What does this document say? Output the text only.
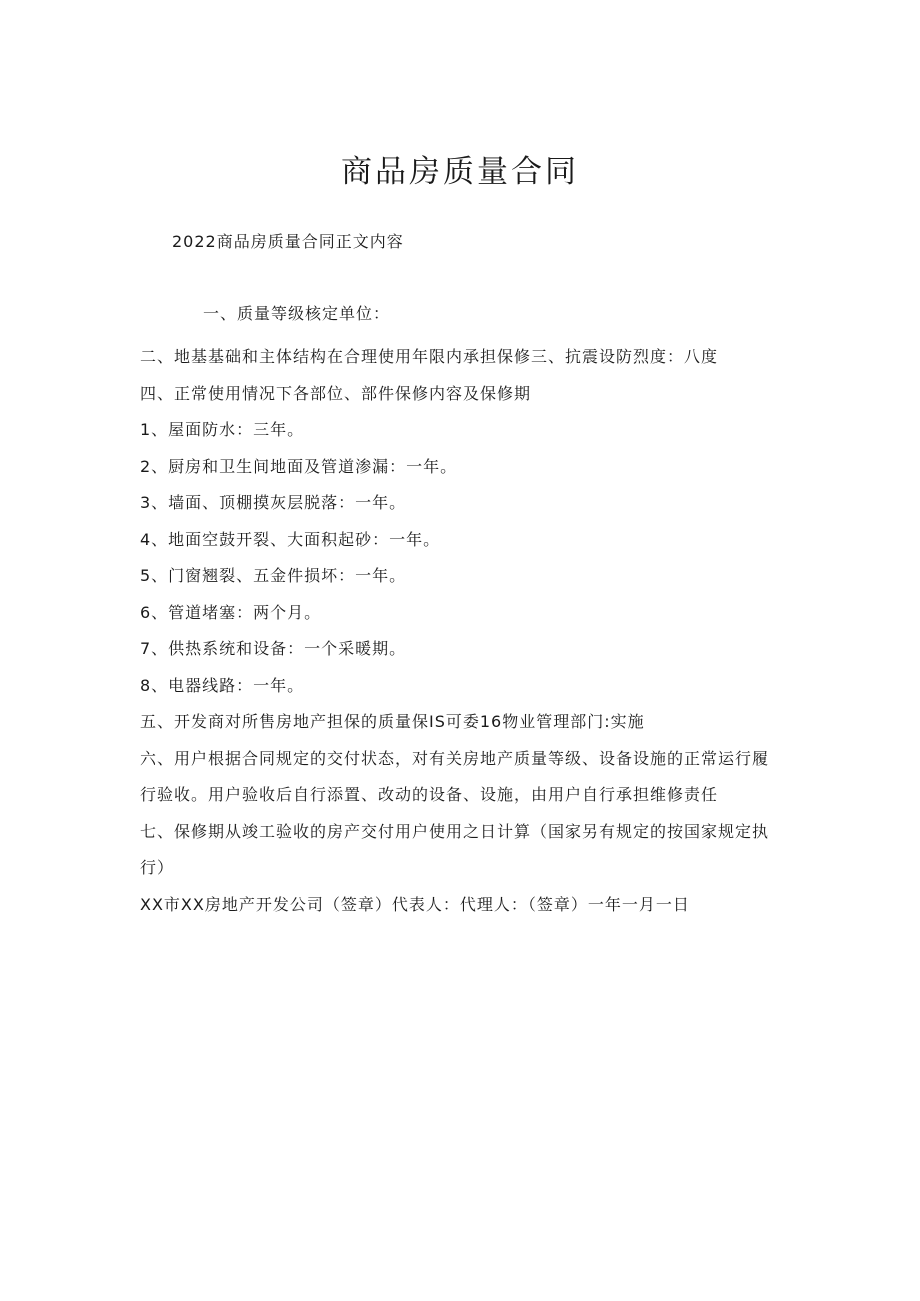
商品房质量合同

2022商品房质量合同正文内容

一、质量等级核定单位：

二、地基基础和主体结构在合理使用年限内承担保修三、抗震设防烈度：八度

四、正常使用情况下各部位、部件保修内容及保修期

1、屋面防水：三年。

2、厨房和卫生间地面及管道渗漏：一年。

3、墙面、顶棚摸灰层脱落：一年。

4、地面空鼓开裂、大面积起砂：一年。

5、门窗翘裂、五金件损坏：一年。

6、管道堵塞：两个月。

7、供热系统和设备：一个采暖期。

8、电器线路：一年。

五、开发商对所售房地产担保的质量保IS可委16物业管理部门:实施

六、用户根据合同规定的交付状态，对有关房地产质量等级、设备设施的正常运行履

行验收。用户验收后自行添置、改动的设备、设施，由用户自行承担维修责任

七、保修期从竣工验收的房产交付用户使用之日计算（国家另有规定的按国家规定执

行）

XX市XX房地产开发公司（签章）代表人：代理人：（签章）一年一月一日
